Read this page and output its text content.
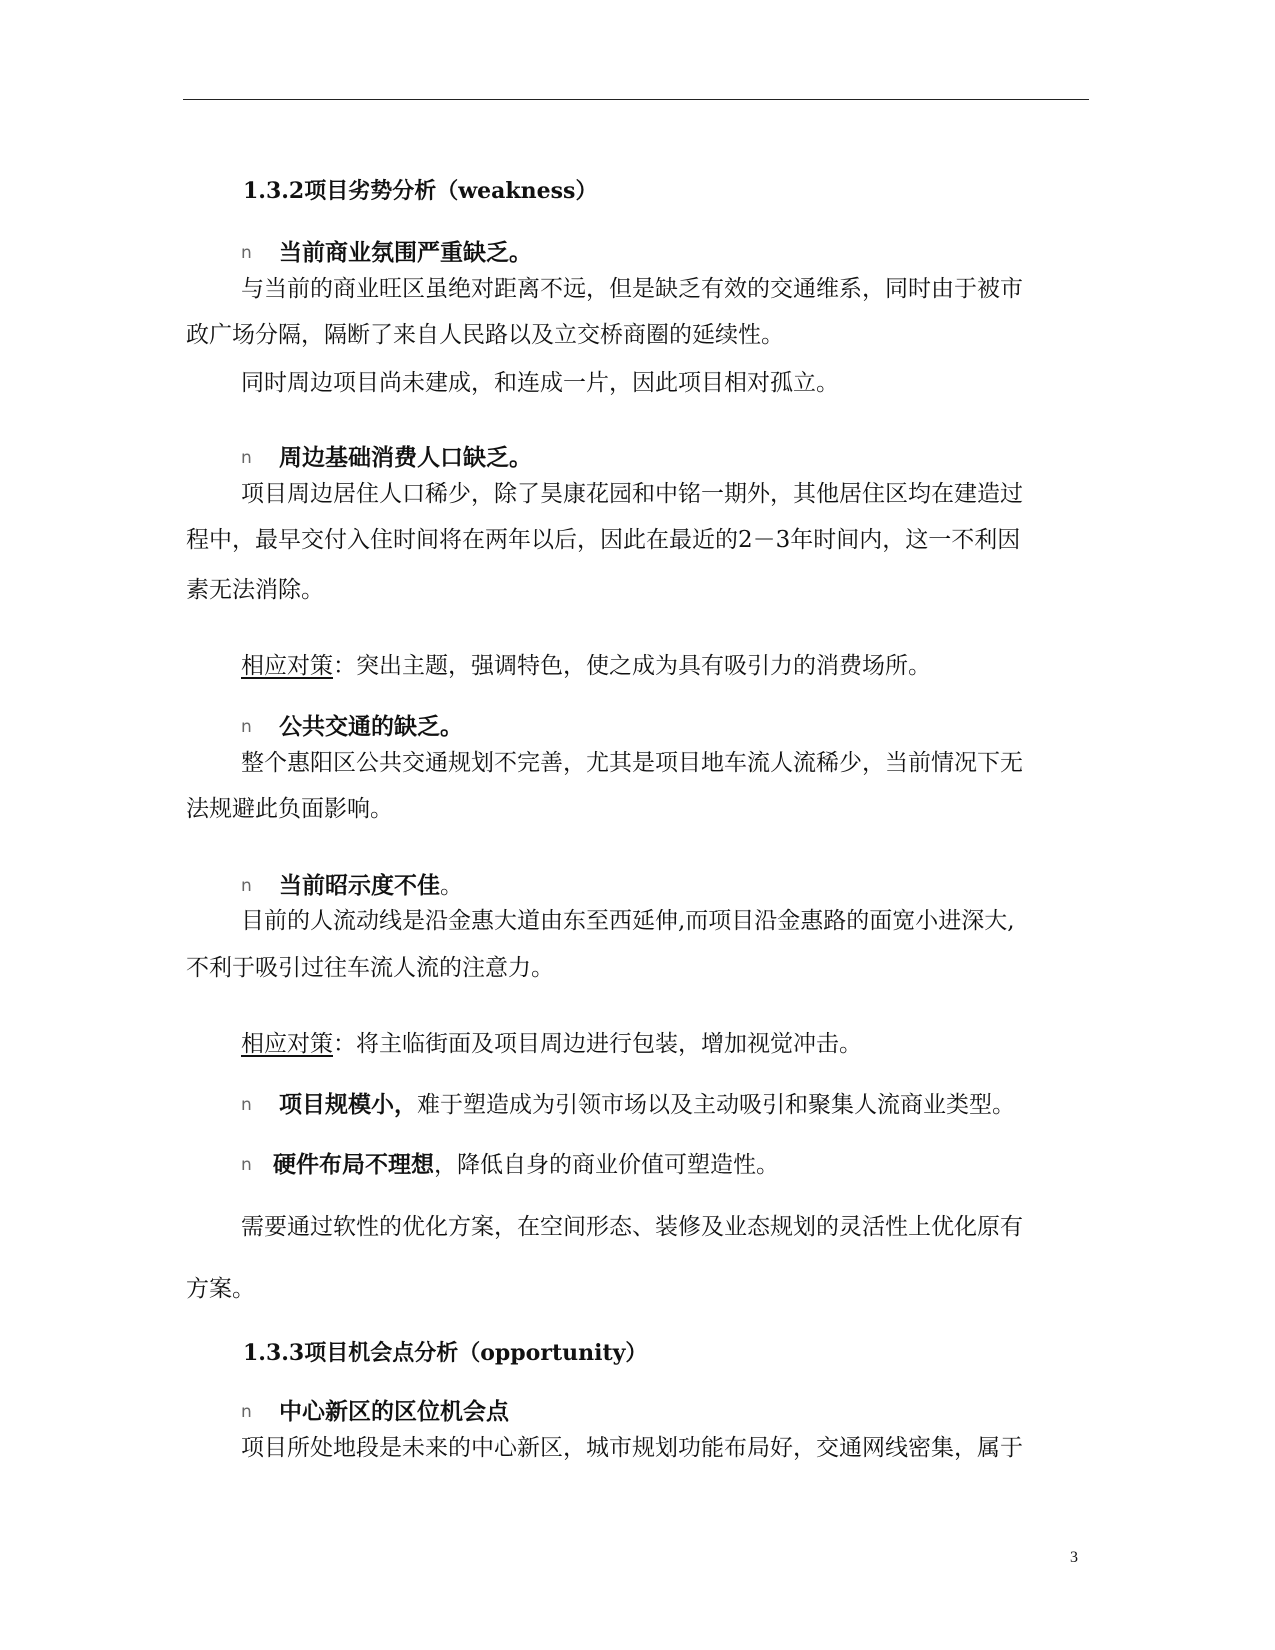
1.3.2项目劣势分析（weakness）
n 当前商业氛围严重缺乏。
与当前的商业旺区虽绝对距离不远，但是缺乏有效的交通维系，同时由于被市
政广场分隔，隔断了来自人民路以及立交桥商圈的延续性。
同时周边项目尚未建成，和连成一片，因此项目相对孤立。
n 周边基础消费人口缺乏。
项目周边居住人口稀少，除了昊康花园和中铭一期外，其他居住区均在建造过
程中，最早交付入住时间将在两年以后，因此在最近的2－3年时间内，这一不利因
素无法消除。
相应对策：突出主题，强调特色，使之成为具有吸引力的消费场所。
n 公共交通的缺乏。
整个惠阳区公共交通规划不完善，尤其是项目地车流人流稀少，当前情况下无
法规避此负面影响。
n 当前昭示度不佳。
目前的人流动线是沿金惠大道由东至西延伸,而项目沿金惠路的面宽小进深大,
不利于吸引过往车流人流的注意力。
相应对策：将主临街面及项目周边进行包装，增加视觉冲击。
n 项目规模小，难于塑造成为引领市场以及主动吸引和聚集人流商业类型。
n 硬件布局不理想，降低自身的商业价值可塑造性。
需要通过软性的优化方案，在空间形态、装修及业态规划的灵活性上优化原有
方案。
1.3.3项目机会点分析（opportunity）
n 中心新区的区位机会点
项目所处地段是未来的中心新区，城市规划功能布局好，交通网线密集，属于
3
